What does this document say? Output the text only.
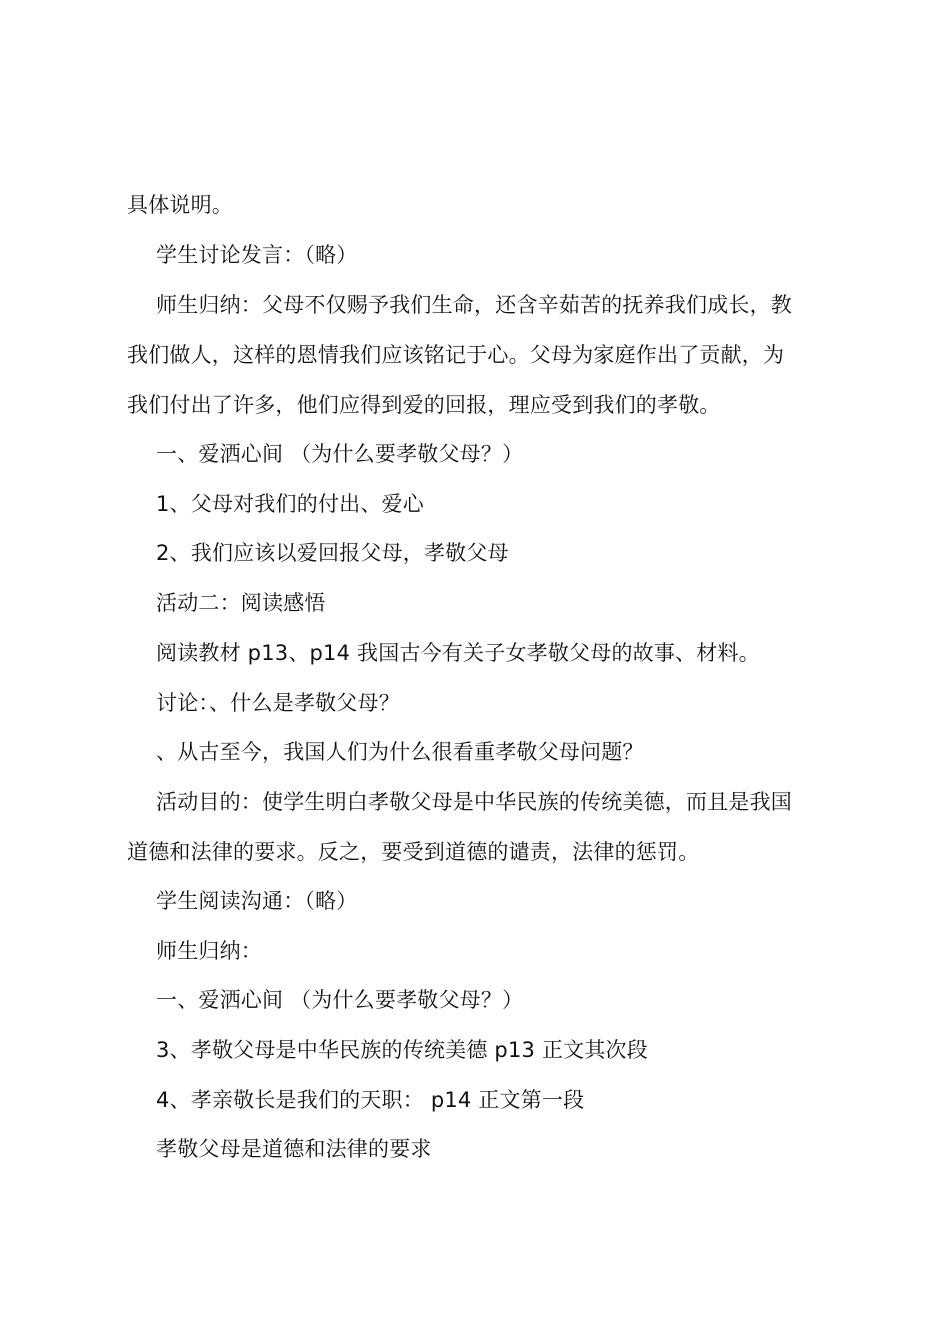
具体说明。
学生讨论发言：（略）
师生归纳：父母不仅赐予我们生命，还含辛茹苦的抚养我们成长，教
我们做人，这样的恩情我们应该铭记于心。父母为家庭作出了贡献，为
我们付出了许多，他们应得到爱的回报，理应受到我们的孝敬。
一、爱洒心间 （为什么要孝敬父母？）
1、父母对我们的付出、爱心
2、我们应该以爱回报父母，孝敬父母
活动二：阅读感悟
阅读教材 p13、p14 我国古今有关子女孝敬父母的故事、材料。
讨论：、什么是孝敬父母？
、从古至今，我国人们为什么很看重孝敬父母问题？
活动目的：使学生明白孝敬父母是中华民族的传统美德，而且是我国
道德和法律的要求。反之，要受到道德的谴责，法律的惩罚。
学生阅读沟通：（略）
师生归纳：
一、爱洒心间 （为什么要孝敬父母？）
3、孝敬父母是中华民族的传统美德 p13 正文其次段
4、孝亲敬长是我们的天职： p14 正文第一段
孝敬父母是道德和法律的要求
